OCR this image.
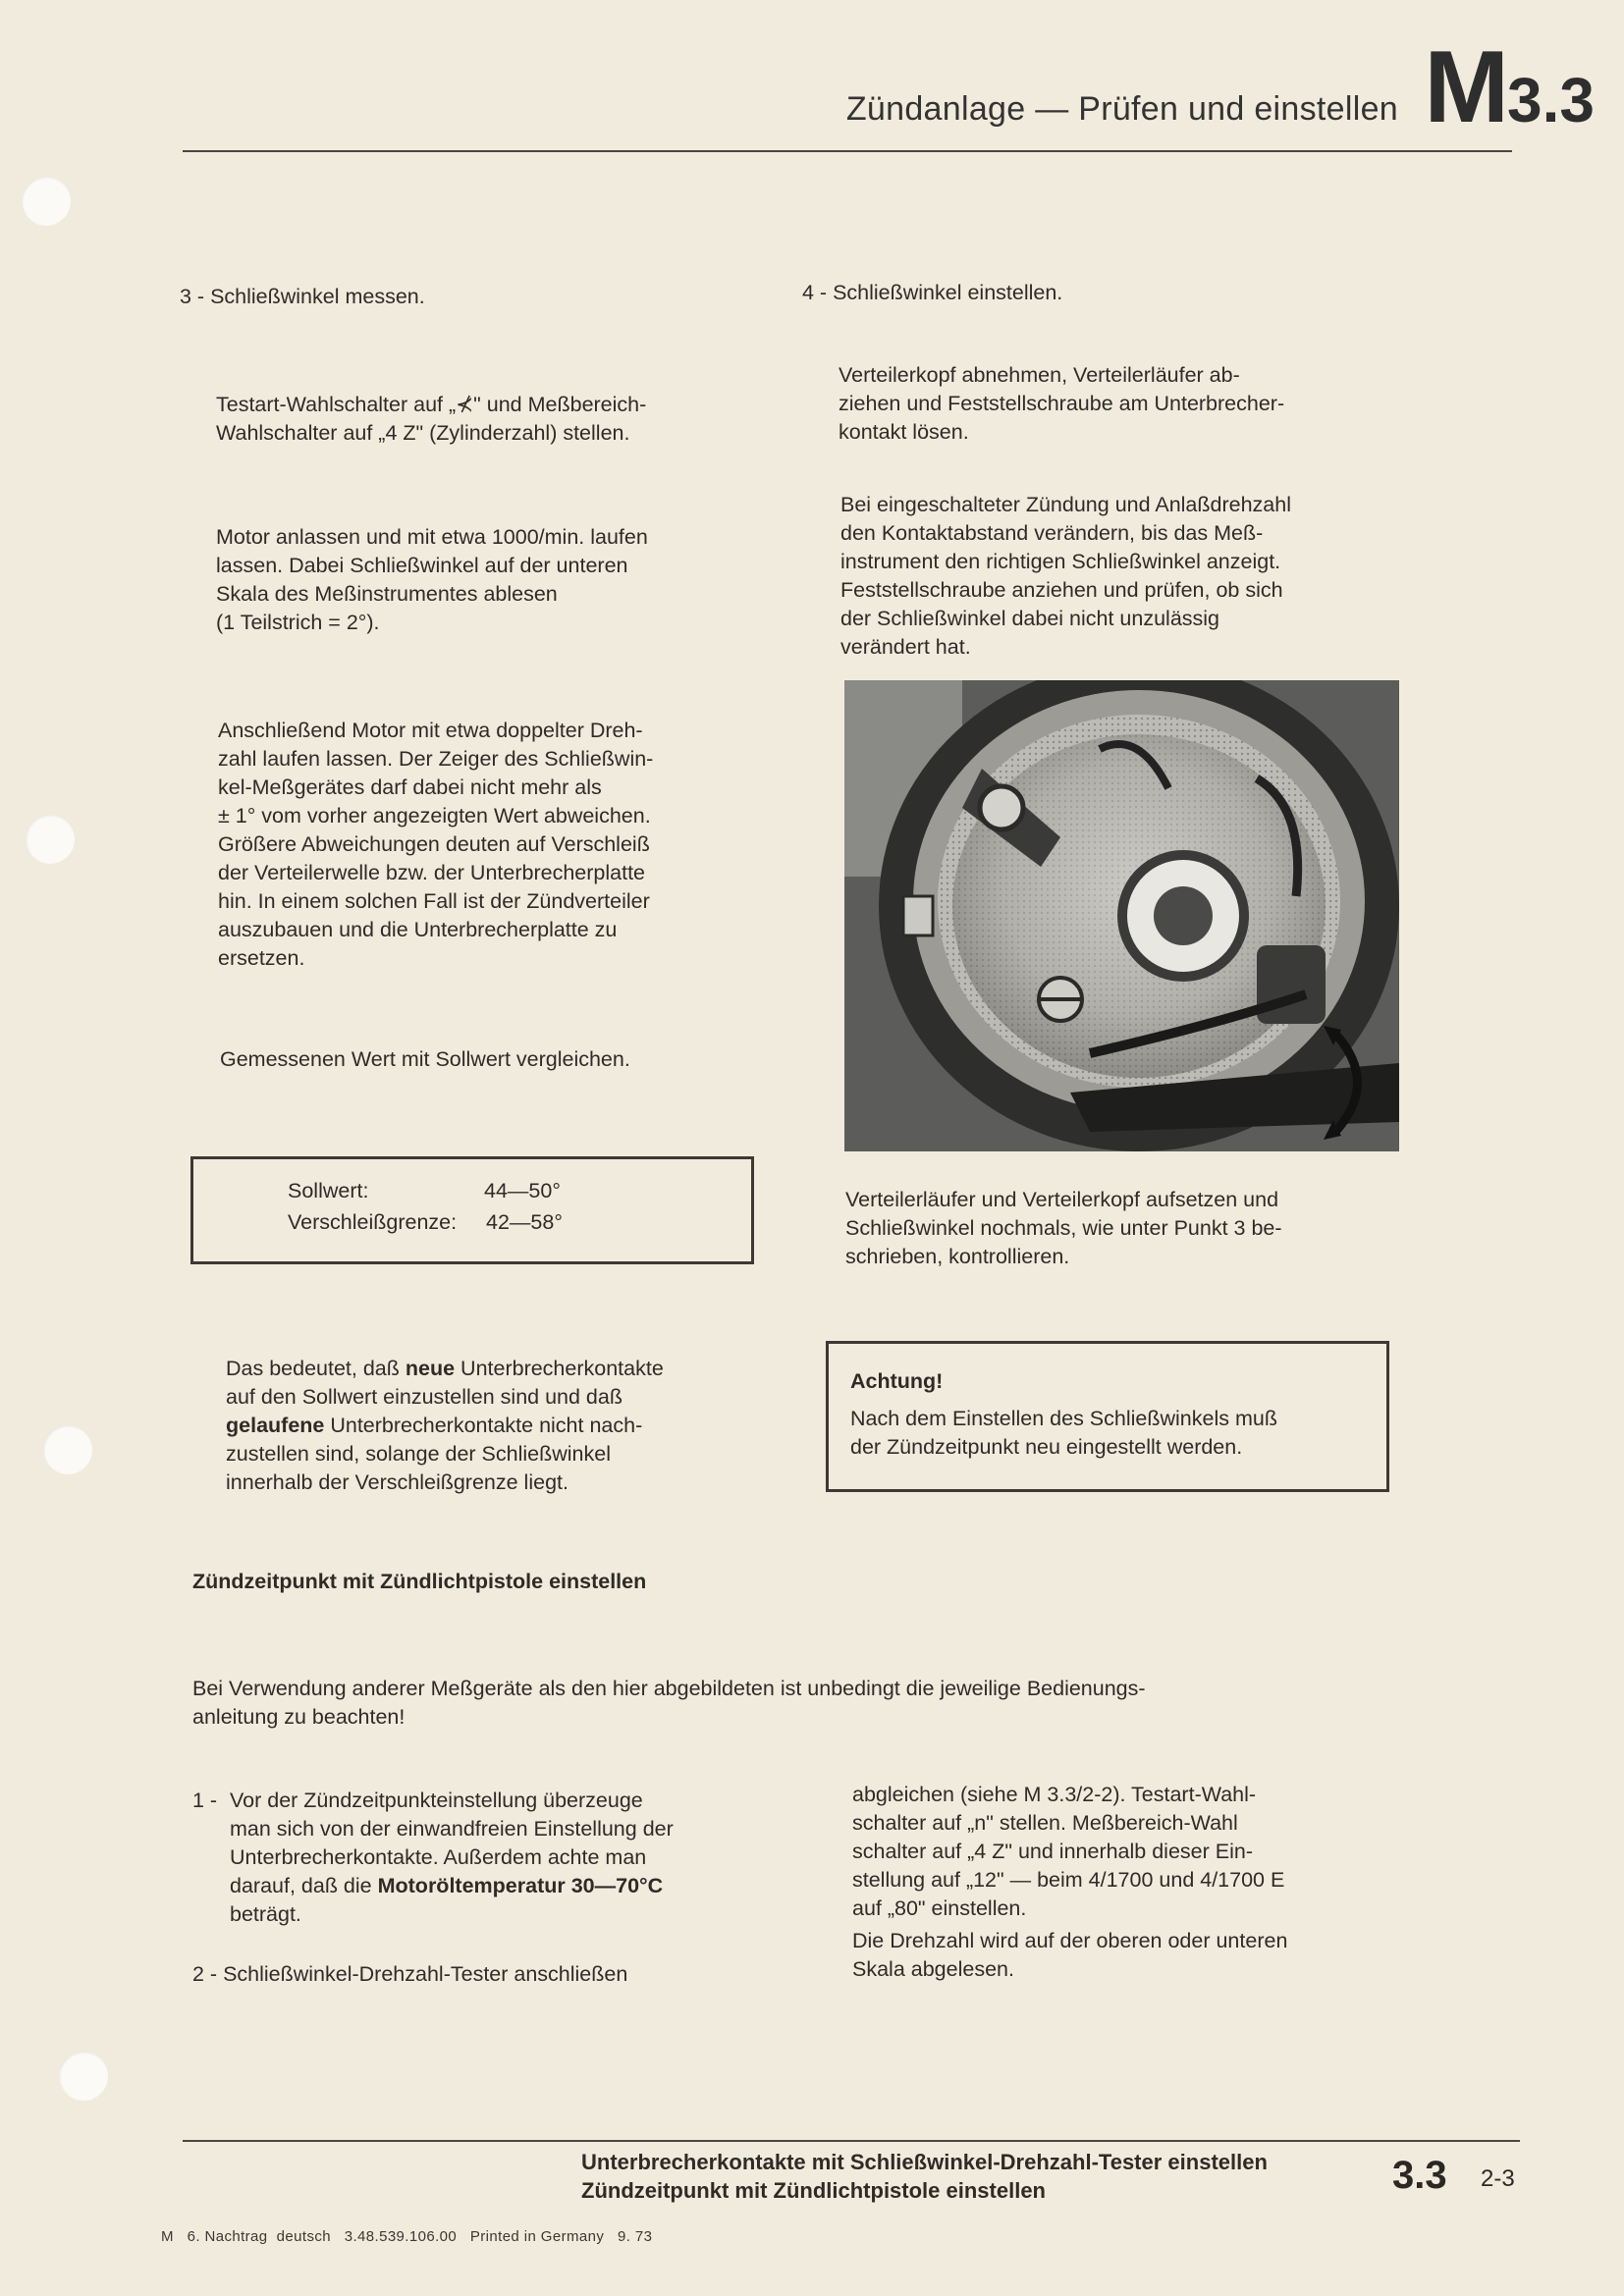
Zündanlage — Prüfen und einstellen M3.3
3 - Schließwinkel messen.
Testart-Wahlschalter auf „⊀" und Meßbereich-
Wahlschalter auf „4 Z" (Zylinderzahl) stellen.
Motor anlassen und mit etwa 1000/min. laufen
lassen. Dabei Schließwinkel auf der unteren
Skala des Meßinstrumentes ablesen
(1 Teilstrich = 2°).
Anschließend Motor mit etwa doppelter Dreh-
zahl laufen lassen. Der Zeiger des Schließwin-
kel-Meßgerätes darf dabei nicht mehr als
± 1° vom vorher angezeigten Wert abweichen.
Größere Abweichungen deuten auf Verschleiß
der Verteilerwelle bzw. der Unterbrecherplatte
hin. In einem solchen Fall ist der Zündverteiler
auszubauen und die Unterbrecherplatte zu
ersetzen.
Gemessenen Wert mit Sollwert vergleichen.
Sollwert:	44—50°
Verschleißgrenze: 42—58°
Das bedeutet, daß neue Unterbrecherkontakte
auf den Sollwert einzustellen sind und daß
gelaufene Unterbrecherkontakte nicht nach-
zustellen sind, solange der Schließwinkel
innerhalb der Verschleißgrenze liegt.
4 - Schließwinkel einstellen.
Verteilerkopf abnehmen, Verteilerläufer ab-
ziehen und Feststellschraube am Unterbrecher-
kontakt lösen.
Bei eingeschalteter Zündung und Anlaßdrehzahl
den Kontaktabstand verändern, bis das Meß-
instrument den richtigen Schließwinkel anzeigt.
Feststellschraube anziehen und prüfen, ob sich
der Schließwinkel dabei nicht unzulässig
verändert hat.
Verteilerläufer und Verteilerkopf aufsetzen und
Schließwinkel nochmals, wie unter Punkt 3 be-
schrieben, kontrollieren.
Achtung!
Nach dem Einstellen des Schließwinkels muß
der Zündzeitpunkt neu eingestellt werden.
Zündzeitpunkt mit Zündlichtpistole einstellen
Bei Verwendung anderer Meßgeräte als den hier abgebildeten ist unbedingt die jeweilige Bedienungs-
anleitung zu beachten!
1 - Vor der Zündzeitpunkteinstellung überzeuge
man sich von der einwandfreien Einstellung der
Unterbrecherkontakte. Außerdem achte man
darauf, daß die Motoröltemperatur 30—70°C
beträgt.
2 - Schließwinkel-Drehzahl-Tester anschließen
abgleichen (siehe M 3.3/2-2). Testart-Wahl-
schalter auf „n" stellen. Meßbereich-Wahl
schalter auf „4 Z" und innerhalb dieser Ein-
stellung auf „12" — beim 4/1700 und 4/1700 E
auf „80" einstellen.
Die Drehzahl wird auf der oberen oder unteren
Skala abgelesen.
Unterbrecherkontakte mit Schließwinkel-Drehzahl-Tester einstellen
Zündzeitpunkt mit Zündlichtpistole einstellen	3.3 2-3
M   6. Nachtrag  deutsch   3.48.539.106.00   Printed in Germany   9. 73
